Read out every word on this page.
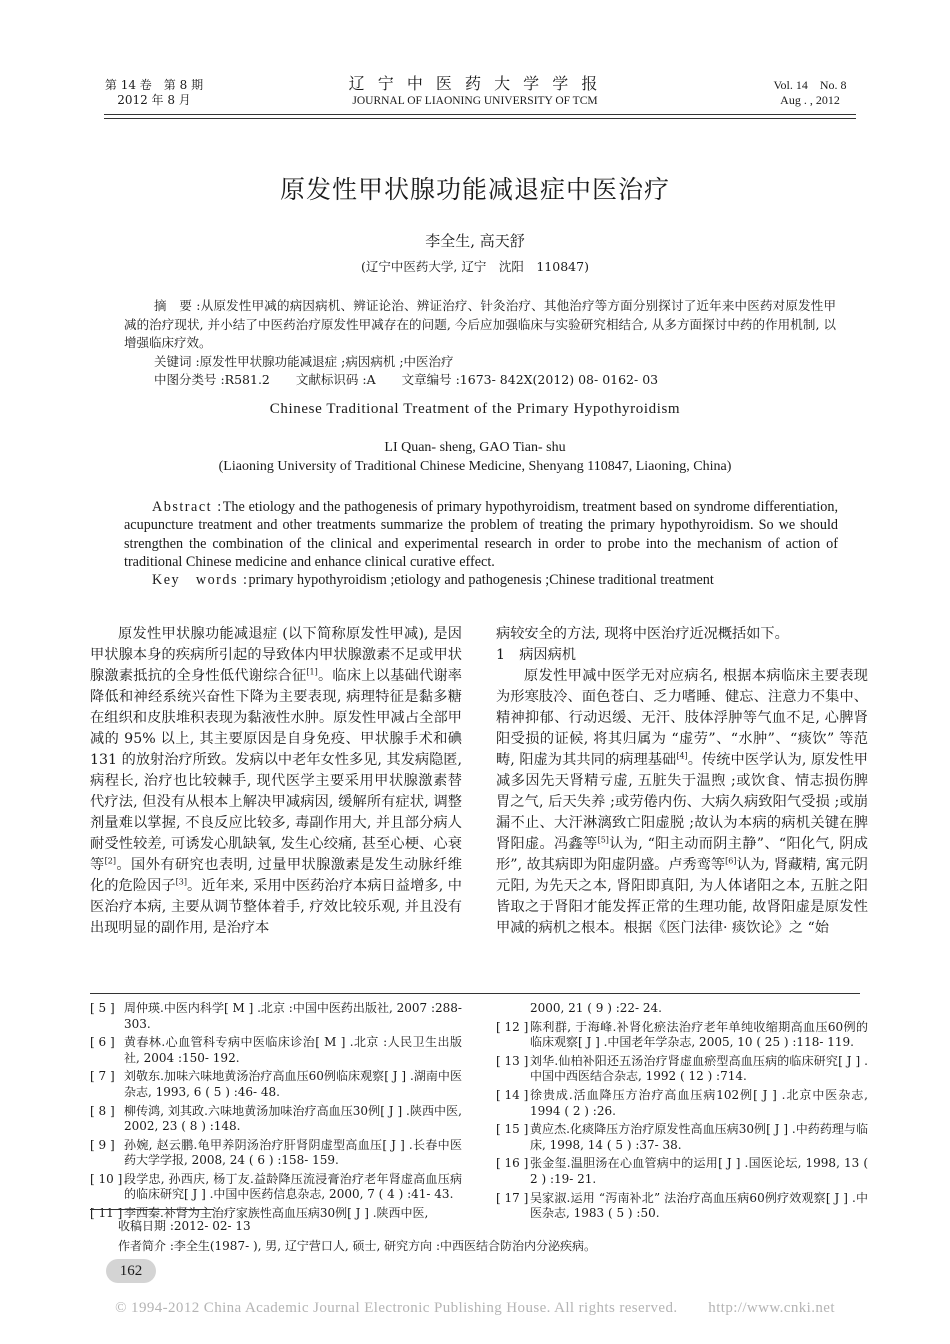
第 14 卷　第 8 期
2012 年 8 月
辽 宁 中 医 药 大 学 学 报
JOURNAL OF LIAONING UNIVERSITY OF TCM
Vol. 14　No. 8
Aug . , 2012
原发性甲状腺功能减退症中医治疗
李全生, 高天舒
(辽宁中医药大学, 辽宁　沈阳　110847)

摘　要 :从原发性甲减的病因病机、辨证论治、辨证治疗、针灸治疗、其他治疗等方面分别探讨了近年来中医药对原发性甲减的治疗现状, 并小结了中医药治疗原发性甲减存在的问题, 今后应加强临床与实验研究相结合, 从多方面探讨中药的作用机制, 以增强临床疗效。

关键词 :原发性甲状腺功能减退症 ;病因病机 ;中医治疗

中图分类号 :R581.2 文献标识码 :A 文章编号 :1673- 842X(2012) 08- 0162- 03
Chinese Traditional Treatment of the Primary Hypothyroidism
LI Quan- sheng, GAO Tian- shu
(Liaoning University of Traditional Chinese Medicine, Shenyang 110847, Liaoning, China)

Abstract :The etiology and the pathogenesis of primary hypothyroidism, treatment based on syndrome differentiation, acupuncture treatment and other treatments summarize the problem of treating the primary hypothyroidism. So we should strengthen the combination of the clinical and experimental research in order to probe into the mechanism of action of traditional Chinese medicine and enhance clinical curative effect.

Key　words :primary hypothyroidism ;etiology and pathogenesis ;Chinese traditional treatment

原发性甲状腺功能减退症 (以下简称原发性甲减), 是因甲状腺本身的疾病所引起的导致体内甲状腺激素不足或甲状腺激素抵抗的全身性低代谢综合征[1]。临床上以基础代谢率降低和神经系统兴奋性下降为主要表现, 病理特征是黏多糖在组织和皮肤堆积表现为黏液性水肿。原发性甲减占全部甲减的 95% 以上, 其主要原因是自身免疫、甲状腺手术和碘 131 的放射治疗所致。发病以中老年女性多见, 其发病隐匿, 病程长, 治疗也比较棘手, 现代医学主要采用甲状腺激素替代疗法, 但没有从根本上解决甲减病因, 缓解所有症状, 调整剂量难以掌握, 不良反应比较多, 毒副作用大, 并且部分病人耐受性较差, 可诱发心肌缺氧, 发生心绞痛, 甚至心梗、心衰等[2]。国外有研究也表明, 过量甲状腺激素是发生动脉纤维化的危险因子[3]。近年来, 采用中医药治疗本病日益增多, 中医治疗本病, 主要从调节整体着手, 疗效比较乐观, 并且没有出现明显的副作用, 是治疗本

病较安全的方法, 现将中医治疗近况概括如下。

1　病因病机

原发性甲减中医学无对应病名, 根据本病临床主要表现为形寒肢冷、面色苍白、乏力嗜睡、健忘、注意力不集中、精神抑郁、行动迟缓、无汗、肢体浮肿等气血不足, 心脾肾阳受损的证候, 将其归属为 “虚劳”、“水肿”、“痰饮” 等范畴, 阳虚为其共同的病理基础[4]。传统中医学认为, 原发性甲减多因先天肾精亏虚, 五脏失于温煦 ;或饮食、情志损伤脾胃之气, 后天失养 ;或劳倦内伤、大病久病致阳气受损 ;或崩漏不止、大汗淋漓致亡阳虚脱 ;故认为本病的病机关键在脾肾阳虚。冯鑫等[5]认为, “阳主动而阴主静”、“阳化气, 阴成形”, 故其病即为阳虚阴盛。卢秀鸾等[6]认为, 肾藏精, 寓元阴元阳, 为先天之本, 肾阳即真阳, 为人体诸阳之本, 五脏之阳皆取之于肾阳才能发挥正常的生理功能, 故肾阳虚是原发性甲减的病机之根本。根据《医门法律· 痰饮论》之 “始

[ 5 ] 周仲瑛.中医内科学[ M ] .北京 :中国中医药出版社, 2007 :288- 303.
[ 6 ] 黄春林.心血管科专病中医临床诊治[ M ] .北京 :人民卫生出版社, 2004 :150- 192.
[ 7 ] 刘敬东.加味六味地黄汤治疗高血压60例临床观察[ J ] .湖南中医杂志, 1993, 6 ( 5 ) :46- 48.
[ 8 ] 柳传鸿, 刘其政.六味地黄汤加味治疗高血压30例[ J ] .陕西中医, 2002, 23 ( 8 ) :148.
[ 9 ] 孙婉, 赵云鹏.龟甲养阴汤治疗肝肾阴虚型高血压[ J ] .长春中医药大学学报, 2008, 24 ( 6 ) :158- 159.
[ 10 ] 段学忠, 孙西庆, 杨丁友.益龄降压流浸膏治疗老年肾虚高血压病的临床研究[ J ] .中国中医药信息杂志, 2000, 7 ( 4 ) :41- 43.
[ 11 ] 李西秦.补肾为主治疗家族性高血压病30例[ J ] .陕西中医,
2000, 21 ( 9 ) :22- 24.
[ 12 ] 陈利群, 于海峰.补肾化瘀法治疗老年单纯收缩期高血压60例的临床观察[ J ] .中国老年学杂志, 2005, 10 ( 25 ) :118- 119.
[ 13 ] 刘华.仙柏补阳还五汤治疗肾虚血瘀型高血压病的临床研究[ J ] .中国中西医结合杂志, 1992 ( 12 ) :714.
[ 14 ] 徐贵成.活血降压方治疗高血压病102例[ J ] .北京中医杂志, 1994 ( 2 ) :26.
[ 15 ] 黄应杰.化痰降压方治疗原发性高血压病30例[ J ] .中药药理与临床, 1998, 14 ( 5 ) :37- 38.
[ 16 ] 张金玺.温胆汤在心血管病中的运用[ J ] .国医论坛, 1998, 13 ( 2 ) :19- 21.
[ 17 ] 吴家淑.运用 “泻南补北” 法治疗高血压病60例疗效观察[ J ] .中医杂志, 1983 ( 5 ) :50.
收稿日期 :2012- 02- 13
作者简介 :李全生(1987- ), 男, 辽宁营口人, 硕士, 研究方向 :中西医结合防治内分泌疾病。
162
© 1994-2012 China Academic Journal Electronic Publishing House. All rights reserved.　　http://www.cnki.net
